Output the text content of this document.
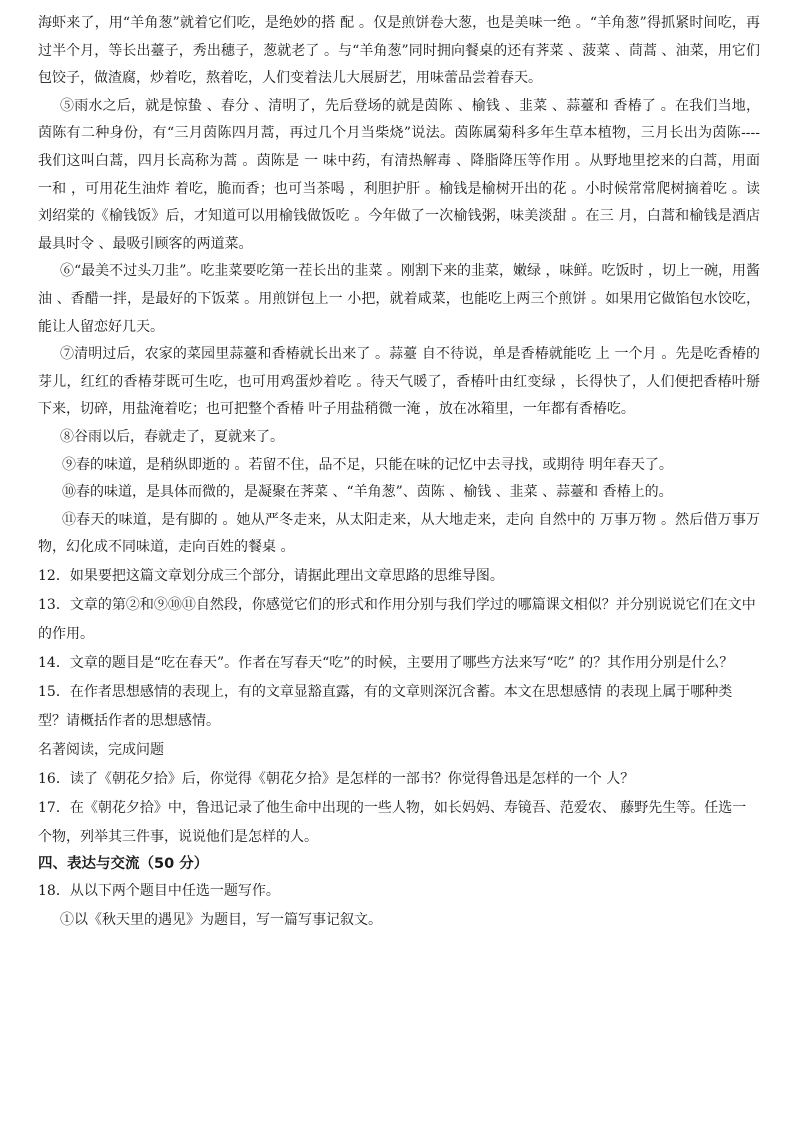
海虾来了，用“羊角葱”就着它们吃，是绝妙的搭 配 。仅是煎饼卷大葱，也是美味一绝 。“羊角葱”得抓紧时间吃，再过半个月，等长出薹子，秀出穗子，葱就老了 。与“羊角葱”同时拥向餐桌的还有荠菜 、菠菜 、茼蒿 、油菜，用它们 包饺子，做渣腐，炒着吃，熬着吃，人们变着法儿大展厨艺，用味蕾品尝着春天。

⑤雨水之后，就是惊蛰 、春分 、清明了，先后登场的就是茵陈 、榆钱 、韭菜 、蒜薹和 香椿了 。在我们当地，茵陈有二种身份，有“三月茵陈四月蒿，再过几个月当柴烧”说法。茵陈属菊科多年生草本植物，三月长出为茵陈---- 我们这叫白蒿，四月长高称为蒿 。茵陈是 一 味中药，有清热解毒 、降脂降压等作用 。从野地里挖来的白蒿，用面一和 ，可用花生油炸 着吃，脆而香；也可当茶喝 ，利胆护肝 。榆钱是榆树开出的花 。小时候常常爬树摘着吃 。读 刘绍棠的《榆钱饭》后，才知道可以用榆钱做饭吃 。今年做了一次榆钱粥，味美淡甜 。在三 月，白蒿和榆钱是酒店最具时令 、最吸引顾客的两道菜。

⑥“最美不过头刀韭”。吃韭菜要吃第一茬长出的韭菜 。刚割下来的韭菜，嫩绿 ，味鲜。吃饭时 ，切上一碗，用酱油 、香醋一拌，是最好的下饭菜 。用煎饼包上一 小把，就着咸菜，也能吃上两三个煎饼 。如果用它做馅包水饺吃，能让人留恋好几天。

⑦清明过后，农家的菜园里蒜薹和香椿就长出来了 。蒜薹 自不待说，单是香椿就能吃 上 一个月 。先是吃香椿的芽儿，红红的香椿芽既可生吃，也可用鸡蛋炒着吃 。待天气暖了，香椿叶由红变绿 ，长得快了，人们便把香椿叶掰下来，切碎，用盐淹着吃；也可把整个香椿 叶子用盐稍微一淹 ，放在冰箱里，一年都有香椿吃。

⑧谷雨以后，春就走了，夏就来了。

⑨春的味道，是稍纵即逝的 。若留不住，品不足，只能在味的记忆中去寻找，或期待 明年春天了。

⑩春的味道，是具体而微的，是凝聚在荠菜 、“羊角葱”、茵陈 、榆钱 、韭菜 、蒜薹和 香椿上的。

⑪春天的味道，是有脚的 。她从严冬走来，从太阳走来，从大地走来，走向 自然中的 万事万物 。然后借万事万物，幻化成不同味道，走向百姓的餐桌 。

12．如果要把这篇文章划分成三个部分，请据此理出文章思路的思维导图。

13．文章的第②和⑨⑩⑪自然段，你感觉它们的形式和作用分别与我们学过的哪篇课文相似？并分别说说它们在文中的作用。

14．文章的题目是“吃在春天”。作者在写春天“吃”的时候，主要用了哪些方法来写“吃” 的？其作用分别是什么？

15．在作者思想感情的表现上，有的文章显豁直露，有的文章则深沉含蓄。本文在思想感情 的表现上属于哪种类型？请概括作者的思想感情。

名著阅读，完成问题

16．读了《朝花夕拾》后，你觉得《朝花夕拾》是怎样的一部书？你觉得鲁迅是怎样的一个 人？

17．在《朝花夕拾》中，鲁迅记录了他生命中出现的一些人物，如长妈妈、寿镜吾、范爱农、 藤野先生等。任选一个物，列举其三件事，说说他们是怎样的人。

四、表达与交流（50 分）

18．从以下两个题目中任选一题写作。

①以《秋天里的遇见》为题目，写一篇写事记叙文。
